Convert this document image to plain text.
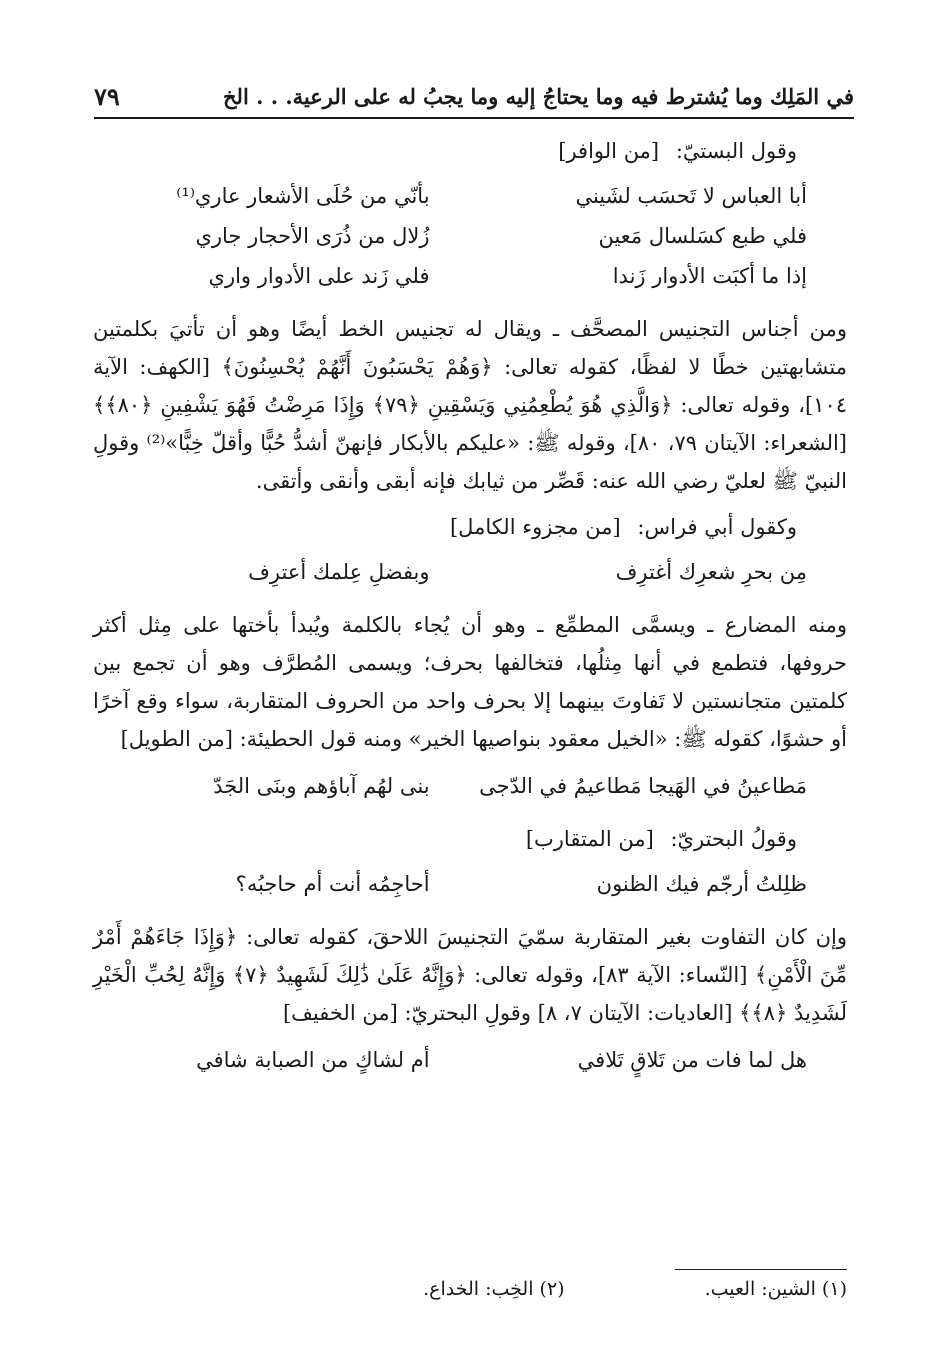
في المَلِك وما يُشترط فيه وما يحتاجُ إليه وما يجبُ له على الرعية. . . الخ
٧٩

وقول البستيّ: [من الوافر]

أبا العباس لا تَحسَب لشَيني
بأنّي من حُلَى الأشعار عاري⁽¹⁾
فلي طبع كسَلسال مَعين
زُلال من ذُرَى الأحجار جاري
إذا ما أكبَت الأدوار زَندا
فلي زَند على الأدوار واري

ومن أجناس التجنيس المصحَّف ـ ويقال له تجنيس الخط أيضًا وهو أن تأتيَ بكلمتين متشابهتين خطًا لا لفظًا، كقوله تعالى: ﴿وَهُمْ يَحْسَبُونَ أَنَّهُمْ يُحْسِنُونَ﴾ [الكهف: الآية ١٠٤]، وقوله تعالى: ﴿وَالَّذِي هُوَ يُطْعِمُنِي وَيَسْقِينِ ﴿٧٩﴾ وَإِذَا مَرِضْتُ فَهُوَ يَشْفِينِ ﴿٨٠﴾﴾ [الشعراء: الآيتان ٧٩، ٨٠]، وقوله ﷺ: «عليكم بالأبكار فإنهنّ أشدُّ حُبًّا وأقلّ خِبًّا»⁽²⁾ وقولِ النبيّ ﷺ لعليّ رضي الله عنه: قَصِّر من ثيابك فإنه أبقى وأنقى وأتقى.

وكقول أبي فراس: [من مجزوء الكامل]

مِن بحرِ شعرِك أغترِف
وبفضلِ عِلمك أعترِف

ومنه المضارع ـ ويسمَّى المطمِّع ـ وهو أن يُجاء بالكلمة ويُبدأ بأختها على مِثل أكثر حروفها، فتطمع في أنها مِثلُها، فتخالفها بحرف؛ ويسمى المُطرَّف وهو أن تجمع بين كلمتين متجانستين لا تَفاوتَ بينهما إلا بحرف واحد من الحروف المتقاربة، سواء وقع آخرًا أو حشوًا، كقوله ﷺ: «الخيل معقود بنواصيها الخير» ومنه قول الحطيئة: [من الطويل]

مَطاعينُ في الهَيجا مَطاعيمُ في الدّجى
بنى لهُم آباؤهم وبنَى الجَدّ

وقولُ البحتريّ: [من المتقارب]

ظلِلتُ أرجّم فيك الظنون
أحاجِمُه أنت أم حاجبُه؟

وإن كان التفاوت بغير المتقاربة سمّيَ التجنيسَ اللاحقَ، كقوله تعالى: ﴿وَإِذَا جَاءَهُمْ أَمْرٌ مِّنَ الْأَمْنِ﴾ [النّساء: الآية ٨٣]، وقوله تعالى: ﴿وَإِنَّهُ عَلَىٰ ذَٰلِكَ لَشَهِيدٌ ﴿٧﴾ وَإِنَّهُ لِحُبِّ الْخَيْرِ لَشَدِيدٌ ﴿٨﴾﴾ [العاديات: الآيتان ٧، ٨] وقولِ البحتريّ: [من الخفيف]

هل لما فات من تَلاقٍ تَلافي
أم لشاكٍ من الصبابة شافي
(١) الشين: العيب.
(٢) الخِب: الخداع.
